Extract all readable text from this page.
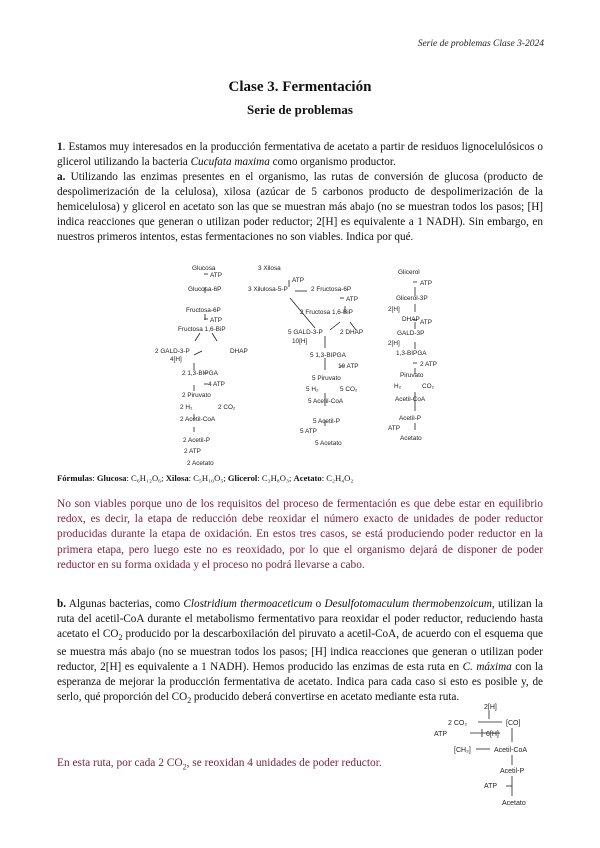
Serie de problemas Clase 3-2024
Clase 3. Fermentación
Serie de problemas
1. Estamos muy interesados en la producción fermentativa de acetato a partir de residuos lignocelulósicos o glicerol utilizando la bacteria Cucufata maxima como organismo productor.
a. Utilizando las enzimas presentes en el organismo, las rutas de conversión de glucosa (producto de despolimerización de la celulosa), xilosa (azúcar de 5 carbonos producto de despolimerización de la hemicelulosa) y glicerol en acetato son las que se muestran más abajo (no se muestran todos los pasos; [H] indica reacciones que generan o utilizan poder reductor; 2[H] es equivalente a 1 NADH). Sin embargo, en nuestros primeros intentos, estas fermentaciones no son viables. Indica por qué.
Glucosa
ATP
Glucosa-6P
Fructosa-6P
ATP
Fructosa 1,6-BiP
2 GALD-3-P	DHAP
4[H]
2 1,3-BIPGA
4 ATP
2 Piruvato
2 H₂	2 CO₂
2 Acetil-CoA
2 Acetil-P
2 ATP
2 Acetato
3 Xilosa
ATP
3 Xilulosa-5-P	2 Fructosa-6P
ATP
2 Fructosa 1,6-BiP
5 GALD-3-P	2 DHAP
10[H]
5 1,3-BIPGA
10 ATP
5 Piruvato
5 H₂	5 CO₂
5 Acetil-CoA
5 Acetil-P
5 ATP
5 Acetato
Glicerol
ATP
Glicerol-3P
2[H]
DHAP ATP
GALD-3P
2[H]
1,3-BIPGA
2 ATP
Piruvato
H₂	CO₂
Acetil-CoA
Acetil-P
ATP
Acetato
Fórmulas: Glucosa: C₆H₁₂O₆; Xilosa: C₅H₁₀O₅; Glicerol: C₃H₈O₃; Acetato: C₂H₄O₂
No son viables porque uno de los requisitos del proceso de fermentación es que debe estar en equilibrio redox, es decir, la etapa de reducción debe reoxidar el número exacto de unidades de poder reductor producidas durante la etapa de oxidación. En estos tres casos, se está produciendo poder reductor en la primera etapa, pero luego este no es reoxidado, por lo que el organismo dejará de disponer de poder reductor en su forma oxidada y el proceso no podrá llevarse a cabo.
b. Algunas bacterias, como Clostridium thermoaceticum o Desulfotomaculum thermobenzoicum, utilizan la ruta del acetil-CoA durante el metabolismo fermentativo para reoxidar el poder reductor, reduciendo hasta acetato el $CO_2$ producido por la descarboxilación del piruvato a acetil-CoA, de acuerdo con el esquema que se muestra más abajo (no se muestran todos los pasos; [H] indica reacciones que generan o utilizan poder reductor, 2[H] es equivalente a 1 NADH). Hemos producido las enzimas de esta ruta en C. máxima con la esperanza de mejorar la producción fermentativa de acetato. Indica para cada caso si esto es posible y, de serlo, qué proporción del $CO_2$ producido deberá convertirse en acetato mediante esta ruta.
En esta ruta, por cada 2 $CO_2$, se reoxidan 4 unidades de poder reductor.
2[H]
2 CO₂	[CO]
ATP	6[H]
[CH₃]	Acetil-CoA
Acetil-P
ATP
Acetato
